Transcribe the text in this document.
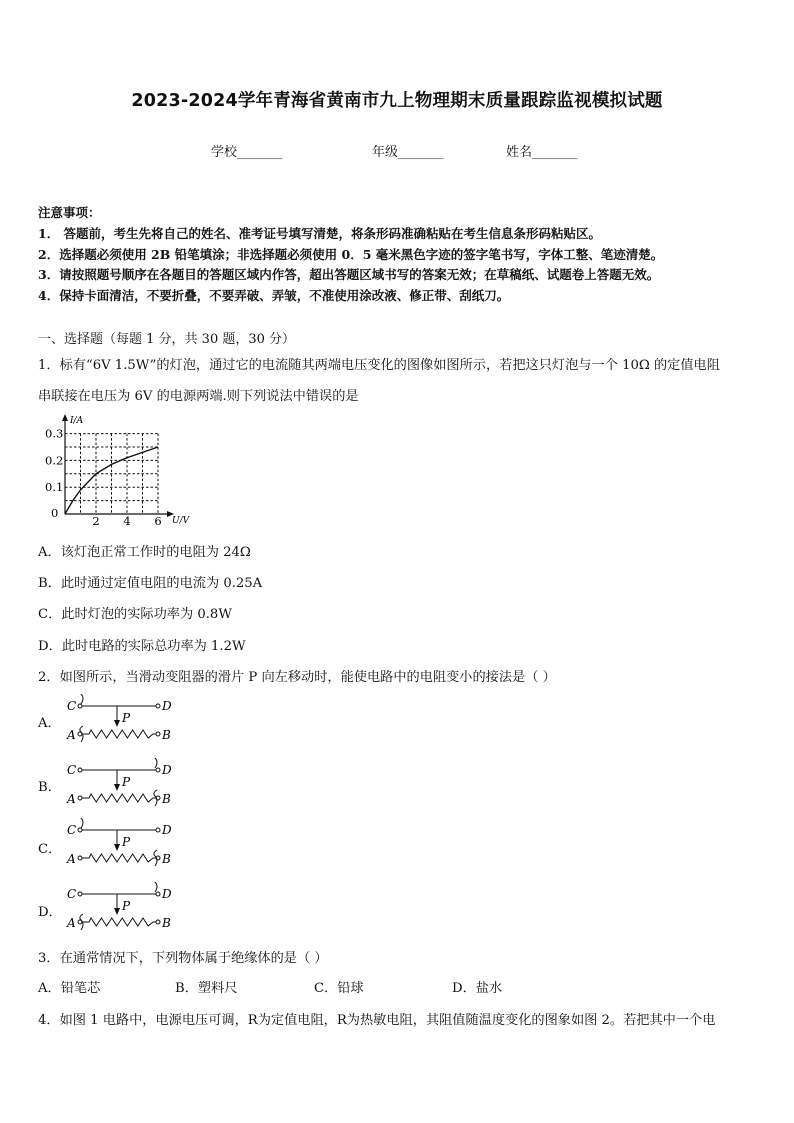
2023-2024学年青海省黄南市九上物理期末质量跟踪监视模拟试题
学校_______	年级_______	姓名_______
注意事项：
1． 答题前，考生先将自己的姓名、准考证号填写清楚，将条形码准确粘贴在考生信息条形码粘贴区。
2．选择题必须使用 2B 铅笔填涂；非选择题必须使用 0．5 毫米黑色字迹的签字笔书写，字体工整、笔迹清楚。
3．请按照题号顺序在各题目的答题区域内作答，超出答题区域书写的答案无效；在草稿纸、试题卷上答题无效。
4．保持卡面清洁，不要折叠，不要弄破、弄皱，不准使用涂改液、修正带、刮纸刀。
一、选择题（每题 1 分，共 30 题，30 分）
1．标有“6V 1.5W”的灯泡，通过它的电流随其两端电压变化的图像如图所示，若把这只灯泡与一个 10Ω 的定值电阻
串联接在电压为 6V 的电源两端.则下列说法中错误的是
I/A
U/V
0
0.1
0.2
0.3
2 4 6
A．该灯泡正常工作时的电阻为 24Ω
B．此时通过定值电阻的电流为 0.25A
C．此时灯泡的实际功率为 0.8W
D．此时电路的实际总功率为 1.2W
2．如图所示，当滑动变阻器的滑片 P 向左移动时，能使电路中的电阻变小的接法是（ ）
A．
C	D
P
A	B
B．
C	D
P
A	B
C．
C	D
P
A	B
D．
C	D
P
A	B
3．在通常情况下，下列物体属于绝缘体的是（ ）
A．铅笔芯	B．塑料尺	C．铅球	D．盐水
4．如图 1 电路中，电源电压可调，R为定值电阻，R为热敏电阻，其阻值随温度变化的图象如图 2。若把其中一个电
